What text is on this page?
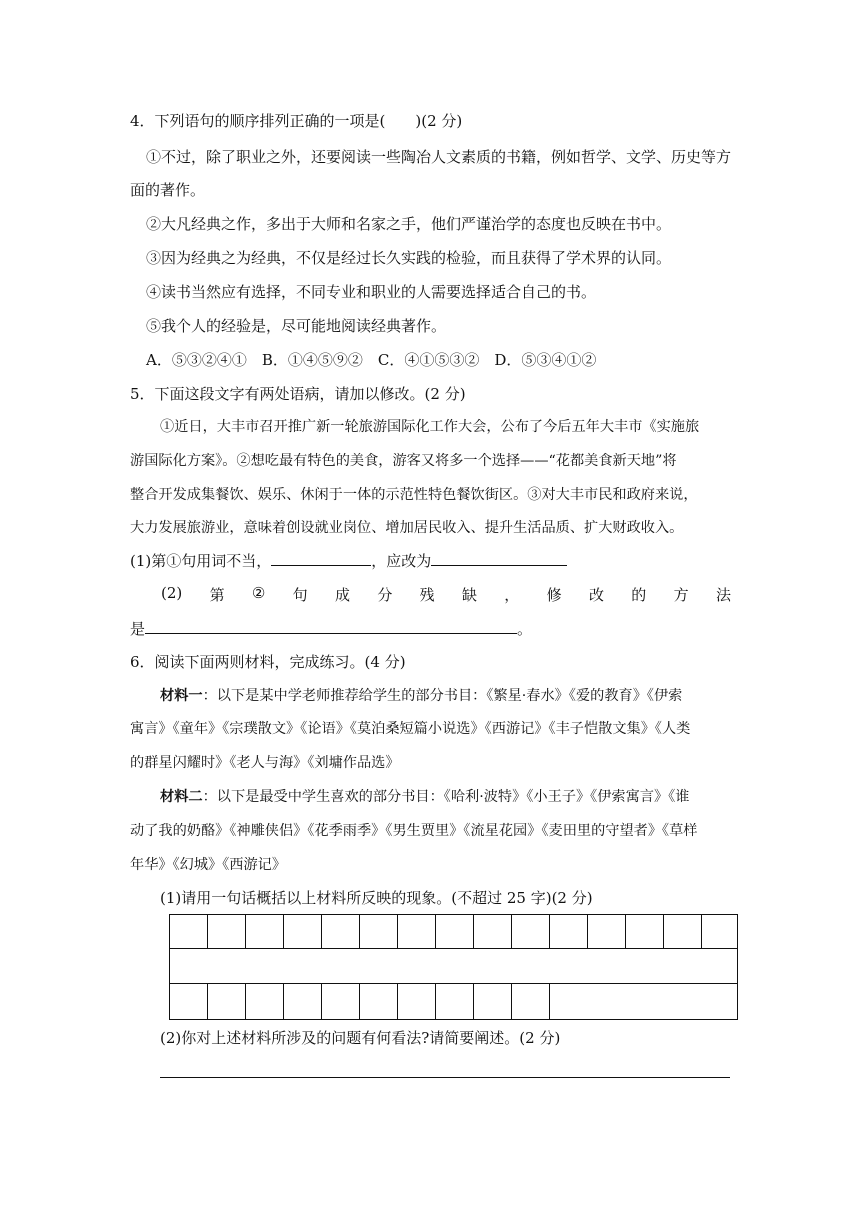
4．下列语句的顺序排列正确的一项是(　　)(2 分)
①不过，除了职业之外，还要阅读一些陶冶人文素质的书籍，例如哲学、文学、历史等方
面的著作。
②大凡经典之作，多出于大师和名家之手，他们严谨治学的态度也反映在书中。
③因为经典之为经典，不仅是经过长久实践的检验，而且获得了学术界的认同。
④读书当然应有选择，不同专业和职业的人需要选择适合自己的书。
⑤我个人的经验是，尽可能地阅读经典著作。
A．⑤③②④①　B．①④⑤⑨②　C．④①⑤③②　D．⑤③④①②
5．下面这段文字有两处语病，请加以修改。(2 分)
①近日，大丰市召开推广新一轮旅游国际化工作大会，公布了今后五年大丰市《实施旅
游国际化方案》。②想吃最有特色的美食，游客又将多一个选择——“花都美食新天地”将
整合开发成集餐饮、娱乐、休闲于一体的示范性特色餐饮街区。③对大丰市民和政府来说，
大力发展旅游业，意味着创设就业岗位、增加居民收入、提升生活品质、扩大财政收入。
(1)第①句用词不当，	，应改为
(2) 第 ② 句 成 分 残 缺 ， 修 改 的 方 法
是	。
6．阅读下面两则材料，完成练习。(4 分)
材料一：以下是某中学老师推荐给学生的部分书目：《繁星·春水》《爱的教育》《伊索
寓言》《童年》《宗璞散文》《论语》《莫泊桑短篇小说选》《西游记》《丰子恺散文集》《人类
的群星闪耀时》《老人与海》《刘墉作品选》
材料二：以下是最受中学生喜欢的部分书目：《哈利·波特》《小王子》《伊索寓言》《谁
动了我的奶酪》《神雕侠侣》《花季雨季》《男生贾里》《流星花园》《麦田里的守望者》《草样
年华》《幻城》《西游记》
(1)请用一句话概括以上材料所反映的现象。(不超过 25 字)(2 分)
(2)你对上述材料所涉及的问题有何看法?请简要阐述。(2 分)
